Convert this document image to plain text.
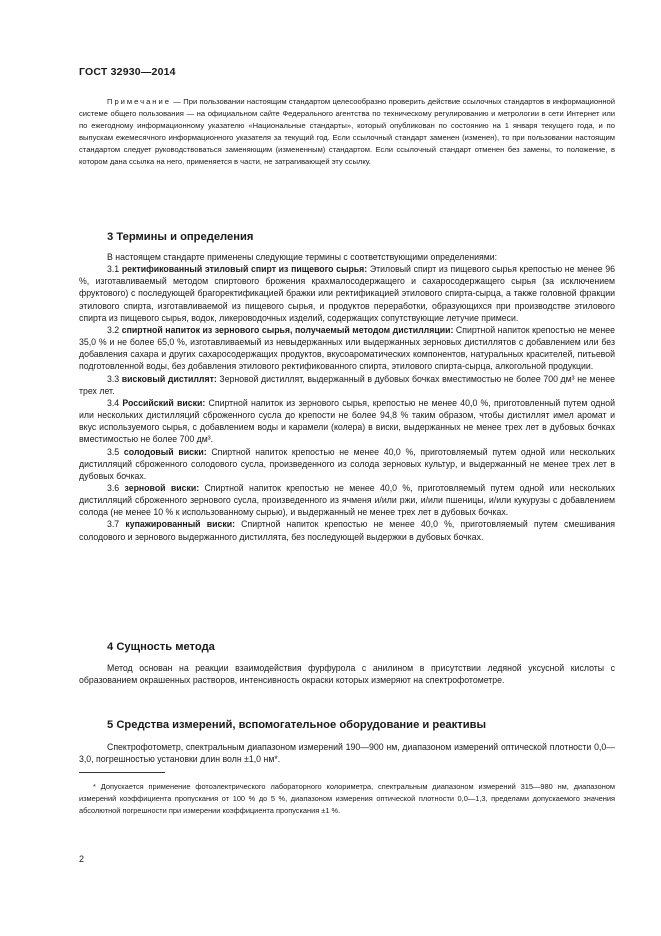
ГОСТ 32930—2014

Примечание — При пользовании настоящим стандартом целесообразно проверить действие ссылочных стандартов в информационной системе общего пользования — на официальном сайте Федерального агентства по техническому регулированию и метрологии в сети Интернет или по ежегодному информационному указателю «Национальные стандарты», который опубликован по состоянию на 1 января текущего года, и по выпускам ежемесячного информационного указателя за текущий год. Если ссылочный стандарт заменен (изменен), то при пользовании настоящим стандартом следует руководствоваться заменяющим (измененным) стандартом. Если ссылочный стандарт отменен без замены, то положение, в котором дана ссылка на него, применяется в части, не затрагивающей эту ссылку.

3 Термины и определения

В настоящем стандарте применены следующие термины с соответствующими определениями:

3.1 ректификованный этиловый спирт из пищевого сырья: Этиловый спирт из пищевого сырья крепостью не менее 96 %, изготавливаемый методом спиртового брожения крахмалосодержащего и сахаросодержащего сырья (за исключением фруктового) с последующей брагоректификацией бражки или ректификацией этилового спирта-сырца, а также головной фракции этилового спирта, изготавливаемой из пищевого сырья, и продуктов переработки, образующихся при производстве этилового спирта из пищевого сырья, водок, ликероводочных изделий, содержащих сопутствующие летучие примеси.

3.2 спиртной напиток из зернового сырья, получаемый методом дистилляции: Спиртной напиток крепостью не менее 35,0 % и не более 65,0 %, изготавливаемый из невыдержанных или выдержанных зерновых дистиллятов с добавлением или без добавления сахара и других сахаросодержащих продуктов, вкусоароматических компонентов, натуральных красителей, питьевой подготовленной воды, без добавления этилового ректификованного спирта, этилового спирта-сырца, алкогольной продукции.

3.3 висковый дистиллят: Зерновой дистиллят, выдержанный в дубовых бочках вместимостью не более 700 дм³ не менее трех лет.

3.4 Российский виски: Спиртной напиток из зернового сырья, крепостью не менее 40,0 %, приготовленный путем одной или нескольких дистилляций сброженного сусла до крепости не более 94,8 % таким образом, чтобы дистиллят имел аромат и вкус используемого сырья, с добавлением воды и карамели (колера) в виски, выдержанных не менее трех лет в дубовых бочках вместимостью не более 700 дм³.

3.5 солодовый виски: Спиртной напиток крепостью не менее 40,0 %, приготовляемый путем одной или нескольких дистилляций сброженного солодового сусла, произведенного из солода зерновых культур, и выдержанный не менее трех лет в дубовых бочках.

3.6 зерновой виски: Спиртной напиток крепостью не менее 40,0 %, приготовляемый путем одной или нескольких дистилляций сброженного зернового сусла, произведенного из ячменя и/или ржи, и/или пшеницы, и/или кукурузы с добавлением солода (не менее 10 % к использованному сырью), и выдержанный не менее трех лет в дубовых бочках.

3.7 купажированный виски: Спиртной напиток крепостью не менее 40,0 %, приготовляемый путем смешивания солодового и зернового выдержанного дистиллята, без последующей выдержки в дубовых бочках.

4 Сущность метода

Метод основан на реакции взаимодействия фурфурола с анилином в присутствии ледяной уксусной кислоты с образованием окрашенных растворов, интенсивность окраски которых измеряют на спектрофотометре.

5 Средства измерений, вспомогательное оборудование и реактивы

Спектрофотометр, спектральным диапазоном измерений 190—900 нм, диапазоном измерений оптической плотности 0,0—3,0, погрешностью установки длин волн ±1,0 нм*.

* Допускается применение фотоэлектрического лабораторного колориметра, спектральным диапазоном измерений 315—980 нм, диапазоном измерений коэффициента пропускания от 100 % до 5 %, диапазоном измерения оптической плотности 0,0—1,3, пределами допускаемого значения абсолютной погрешности при измерении коэффициента пропускания ±1 %.

2
